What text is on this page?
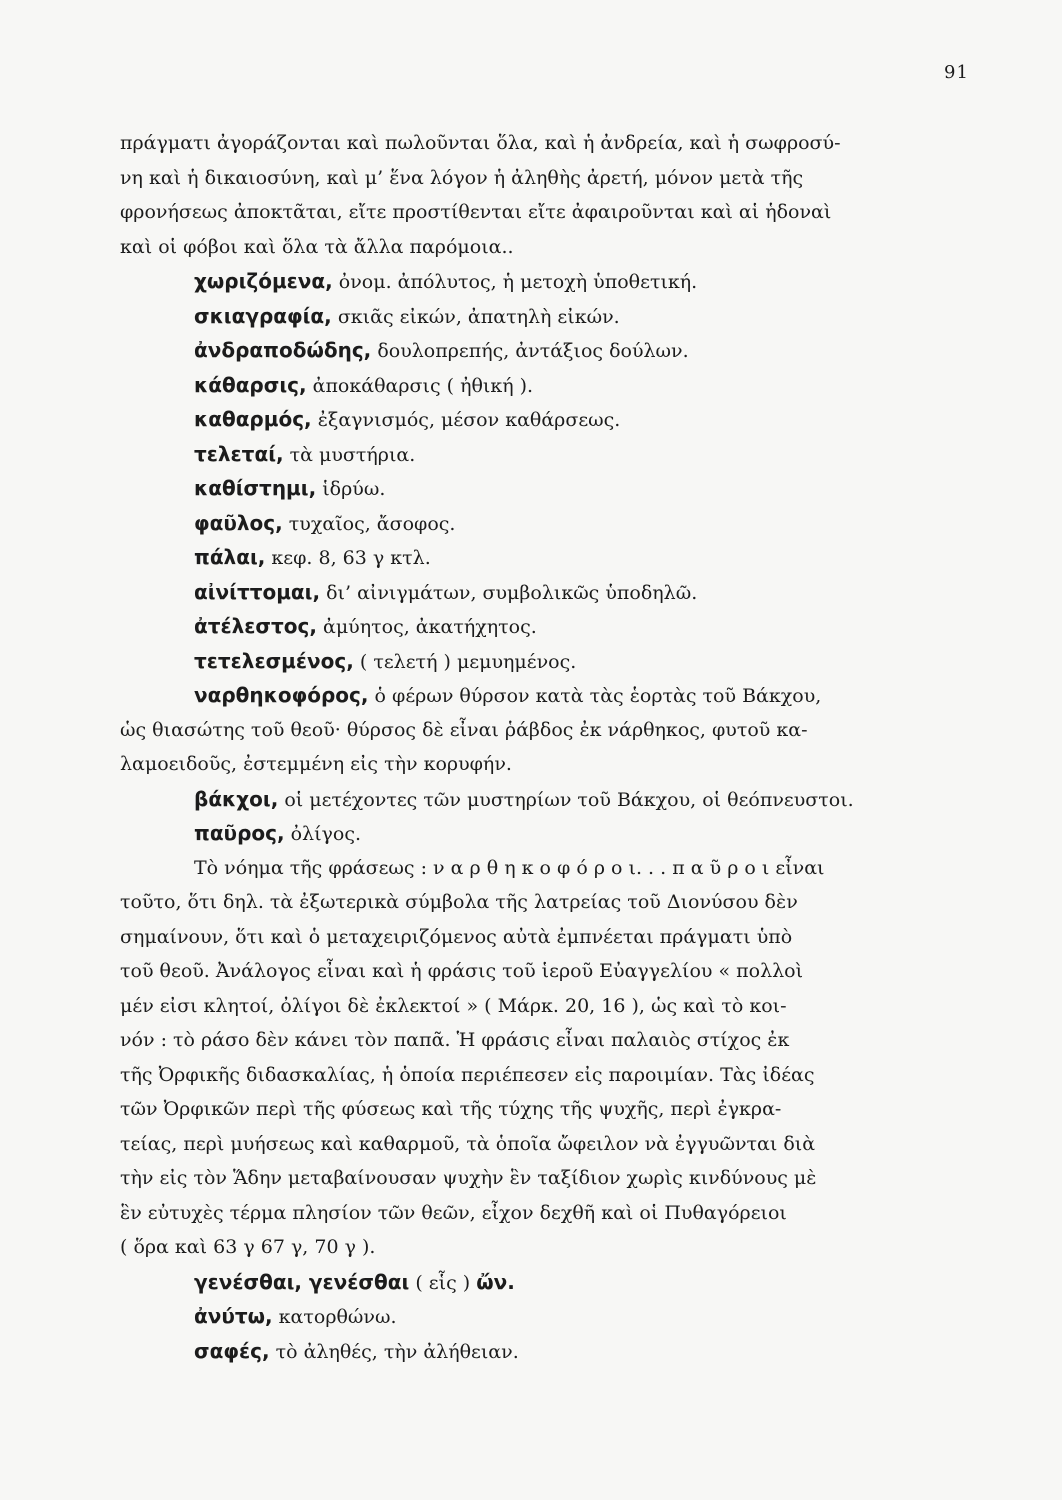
91
πράγματι ἀγοράζονται καὶ πωλοῦνται ὅλα, καὶ ἡ ἀνδρεία, καὶ ἡ σωφροσύ-
νη καὶ ἡ δικαιοσύνη, καὶ μ’ ἕνα λόγον ἡ ἀληθὴς ἀρετή, μόνον μετὰ τῆς
φρονήσεως ἀποκτᾶται, εἴτε προστίθενται εἴτε ἀφαιροῦνται καὶ αἱ ἡδοναὶ
καὶ οἱ φόβοι καὶ ὅλα τὰ ἄλλα παρόμοια..
χωριζόμενα, ὀνομ. ἀπόλυτος, ἡ μετοχὴ ὑποθετική.
σκιαγραφία, σκιᾶς εἰκών, ἀπατηλὴ εἰκών.
ἀνδραποδώδης, δουλοπρεπής, ἀντάξιος δούλων.
κάθαρσις, ἀποκάθαρσις ( ἠθική ).
καθαρμός, ἐξαγνισμός, μέσον καθάρσεως.
τελεταί, τὰ μυστήρια.
καθίστημι, ἱδρύω.
φαῦλος, τυχαῖος, ἄσοφος.
πάλαι, κεφ. 8, 63 γ κτλ.
αἰνίττομαι, δι’ αἰνιγμάτων, συμβολικῶς ὑποδηλῶ.
ἀτέλεστος, ἀμύητος, ἀκατήχητος.
τετελεσμένος, ( τελετή ) μεμυημένος.
ναρθηκοφόρος, ὁ φέρων θύρσον κατὰ τὰς ἑορτὰς τοῦ Βάκχου,
ὡς θιασώτης τοῦ θεοῦ· θύρσος δὲ εἶναι ῥάβδος ἐκ νάρθηκος, φυτοῦ κα-
λαμοειδοῦς, ἐστεμμένη εἰς τὴν κορυφήν.
βάκχοι, οἱ μετέχοντες τῶν μυστηρίων τοῦ Βάκχου, οἱ θεόπνευστοι.
παῦρος, ὀλίγος.
Τὸ νόημα τῆς φράσεως : ν α ρ θ η κ ο φ ό ρ ο ι. . . π α ῦ ρ ο ι εἶναι
τοῦτο, ὅτι δηλ. τὰ ἐξωτερικὰ σύμβολα τῆς λατρείας τοῦ Διονύσου δὲν
σημαίνουν, ὅτι καὶ ὁ μεταχειριζόμενος αὐτὰ ἐμπνέεται πράγματι ὑπὸ
τοῦ θεοῦ. Ἀνάλογος εἶναι καὶ ἡ φράσις τοῦ ἱεροῦ Εὐαγγελίου « πολλοὶ
μέν εἰσι κλητοί, ὀλίγοι δὲ ἐκλεκτοί » ( Μάρκ. 20, 16 ), ὡς καὶ τὸ κοι-
νόν : τὸ ράσο δὲν κάνει τὸν παπᾶ. Ἡ φράσις εἶναι παλαιὸς στίχος ἐκ
τῆς Ὀρφικῆς διδασκαλίας, ἡ ὁποία περιέπεσεν εἰς παροιμίαν. Τὰς ἰδέας
τῶν Ὀρφικῶν περὶ τῆς φύσεως καὶ τῆς τύχης τῆς ψυχῆς, περὶ ἐγκρα-
τείας, περὶ μυήσεως καὶ καθαρμοῦ, τὰ ὁποῖα ὤφειλον νὰ ἐγγυῶνται διὰ
τὴν εἰς τὸν Ἅδην μεταβαίνουσαν ψυχὴν ἓν ταξίδιον χωρὶς κινδύνους μὲ
ἓν εὐτυχὲς τέρμα πλησίον τῶν θεῶν, εἶχον δεχθῆ καὶ οἱ Πυθαγόρειοι
( ὅρα καὶ 63 γ 67 γ, 70 γ ).
γενέσθαι, γενέσθαι ( εἷς ) ὤν.
ἀνύτω, κατορθώνω.
σαφές, τὸ ἀληθές, τὴν ἀλήθειαν.
